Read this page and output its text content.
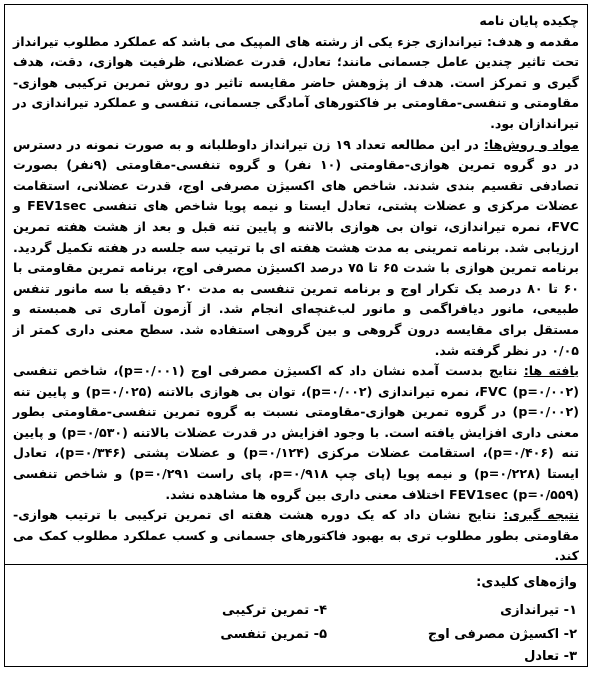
چکیده پایان نامه

مقدمه و هدف: تیراندازی جزء یکی از رشته های المپیک می باشد که عملکرد مطلوب تیرانداز تحت تاثیر چندین عامل جسمانی مانند؛ تعادل، قدرت عضلانی، ظرفیت هوازی، دقت، هدف گیری و تمرکز است. هدف از پژوهش حاضر مقایسه تاثیر دو روش تمرین ترکیبی هوازی-مقاومتی و تنفسی-مقاومتی بر فاکتورهای آمادگی جسمانی، تنفسی و عملکرد تیراندازی در تیراندازان بود.

مواد و روش‌ها: در این مطالعه تعداد ۱۹ زن تیرانداز داوطلبانه و به صورت نمونه در دسترس در دو گروه تمرین هوازی-مقاومتی (۱۰ نفر) و گروه تنفسی-مقاومتی (۹نفر) بصورت تصادفی تقسیم بندی شدند. شاخص های اکسیژن مصرفی اوج، قدرت عضلانی، استقامت عضلات مرکزی و عضلات پشتی، تعادل ایستا و نیمه پویا شاخص های تنفسی FEV1sec و FVC، نمره تیراندازی، توان بی هوازی بالاتنه و پایین تنه قبل و بعد از هشت هفته تمرین ارزیابی شد. برنامه تمرینی به مدت هشت هفته ای با ترتیب سه جلسه در هفته تکمیل گردید. برنامه تمرین هوازی با شدت ۶۵ تا ۷۵ درصد اکسیژن مصرفی اوج، برنامه تمرین مقاومتی با ۶۰ تا ۸۰ درصد یک تکرار اوج و برنامه تمرین تنفسی به مدت ۲۰ دقیقه با سه مانور تنفس طبیعی، مانور دیافراگمی و مانور لب‌غنچه‌ای انجام شد. از آزمون آماری تی همبسته و مستقل برای مقایسه درون گروهی و بین گروهی استفاده شد. سطح معنی داری کمتر از ۰/۰۵ در نظر گرفته شد.

یافته ها: نتایج بدست آمده نشان داد که اکسیژن مصرفی اوج (p=۰/۰۰۱)، شاخص تنفسی FVC (p=۰/۰۰۲)، نمره تیراندازی (p=۰/۰۰۲)، توان بی هوازی بالاتنه (p=۰/۰۲۵) و پایین تنه (p=۰/۰۰۲) در گروه تمرین هوازی-مقاومتی نسبت به گروه تمرین تنفسی-مقاومتی بطور معنی داری افزایش یافته است. با وجود افزایش در قدرت عضلات بالاتنه (p=۰/۵۳۰) و پایین تنه (p=۰/۴۰۶)، استقامت عضلات مرکزی (p=۰/۱۲۴) و عضلات پشتی (p=۰/۳۴۶)، تعادل ایستا (p=۰/۲۲۸) و نیمه پویا (پای چپ p=۰/۹۱۸، پای راست p=۰/۲۹۱) و شاخص تنفسی FEV1sec (p=۰/۵۵۹) اختلاف معنی داری بین گروه ها مشاهده نشد.

نتیجه گیری: نتایج نشان داد که یک دوره هشت هفته ای تمرین ترکیبی با ترتیب هوازی-مقاومتی بطور مطلوب تری به بهبود فاکتورهای جسمانی و کسب عملکرد مطلوب کمک می کند.

واژه‌های کلیدی:
۱- تیراندازی
۲- اکسیژن مصرفی اوج
۳- تعادل
۴- تمرین ترکیبی
۵- تمرین تنفسی
